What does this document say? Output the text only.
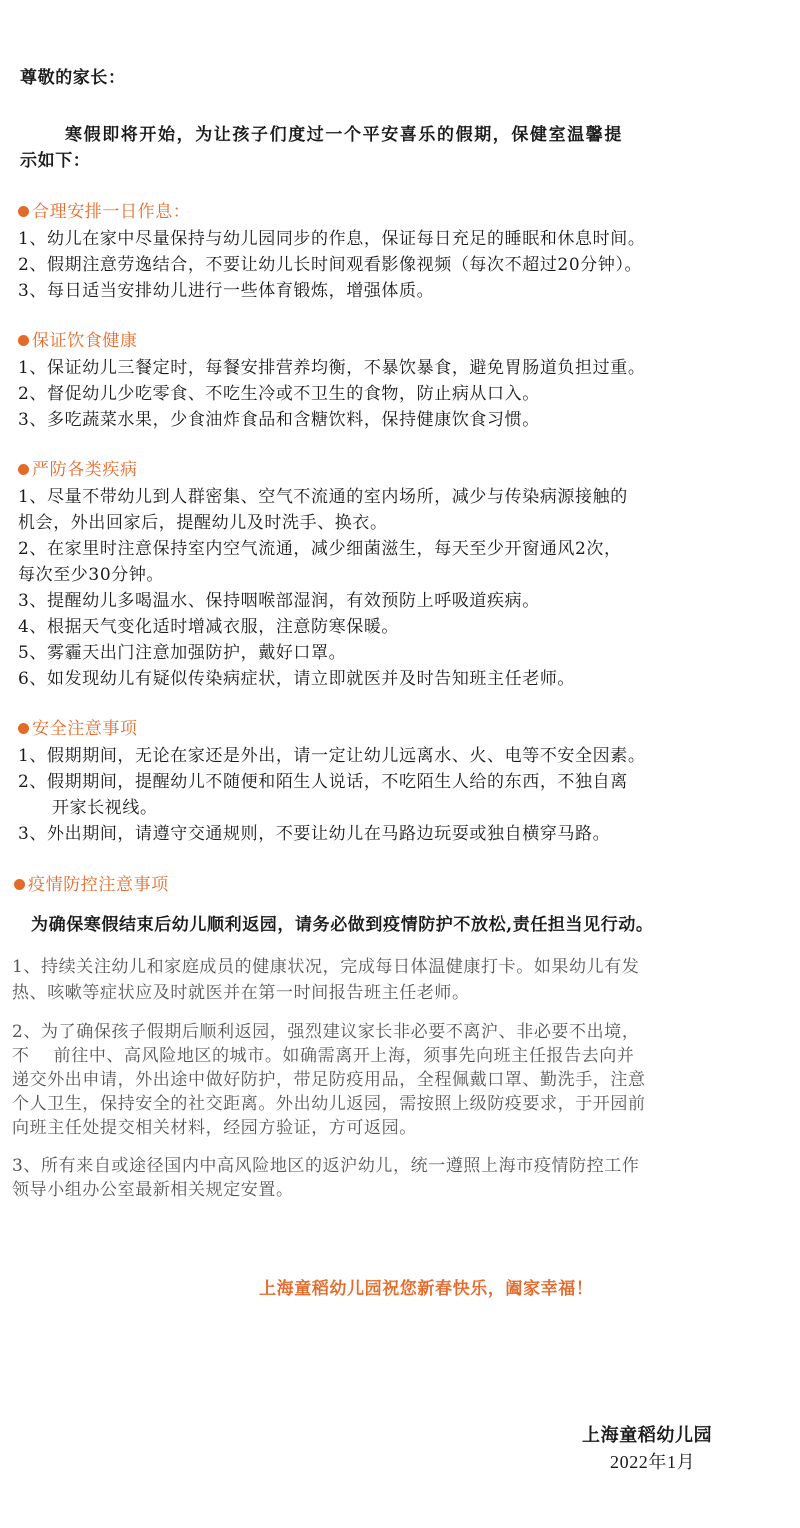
尊敬的家长：
寒假即将开始，为让孩子们度过一个平安喜乐的假期，保健室温馨提
示如下：
合理安排一日作息：
1、幼儿在家中尽量保持与幼儿园同步的作息，保证每日充足的睡眠和休息时间。
2、假期注意劳逸结合，不要让幼儿长时间观看影像视频（每次不超过20分钟）。
3、每日适当安排幼儿进行一些体育锻炼，增强体质。
保证饮食健康
1、保证幼儿三餐定时，每餐安排营养均衡，不暴饮暴食，避免胃肠道负担过重。
2、督促幼儿少吃零食、不吃生冷或不卫生的食物，防止病从口入。
3、多吃蔬菜水果，少食油炸食品和含糖饮料，保持健康饮食习惯。
严防各类疾病
1、尽量不带幼儿到人群密集、空气不流通的室内场所，减少与传染病源接触的
机会，外出回家后，提醒幼儿及时洗手、换衣。
2、在家里时注意保持室内空气流通，减少细菌滋生，每天至少开窗通风2次，
每次至少30分钟。
3、提醒幼儿多喝温水、保持咽喉部湿润，有效预防上呼吸道疾病。
4、根据天气变化适时增减衣服，注意防寒保暖。
5、雾霾天出门注意加强防护，戴好口罩。
6、如发现幼儿有疑似传染病症状，请立即就医并及时告知班主任老师。
安全注意事项
1、假期期间，无论在家还是外出，请一定让幼儿远离水、火、电等不安全因素。
2、假期期间，提醒幼儿不随便和陌生人说话，不吃陌生人给的东西，不独自离
开家长视线。
3、外出期间，请遵守交通规则，不要让幼儿在马路边玩耍或独自横穿马路。
疫情防控注意事项
为确保寒假结束后幼儿顺利返园，请务必做到疫情防护不放松,责任担当见行动。
1、持续关注幼儿和家庭成员的健康状况，完成每日体温健康打卡。如果幼儿有发
热、咳嗽等症状应及时就医并在第一时间报告班主任老师。
2、为了确保孩子假期后顺利返园，强烈建议家长非必要不离沪、非必要不出境，
不    前往中、高风险地区的城市。如确需离开上海，须事先向班主任报告去向并
递交外出申请，外出途中做好防护，带足防疫用品，全程佩戴口罩、勤洗手，注意
个人卫生，保持安全的社交距离。外出幼儿返园，需按照上级防疫要求，于开园前
向班主任处提交相关材料，经园方验证，方可返园。
3、所有来自或途径国内中高风险地区的返沪幼儿，统一遵照上海市疫情防控工作
领导小组办公室最新相关规定安置。
上海童稻幼儿园祝您新春快乐，阖家幸福！
上海童稻幼儿园
2022年1月
